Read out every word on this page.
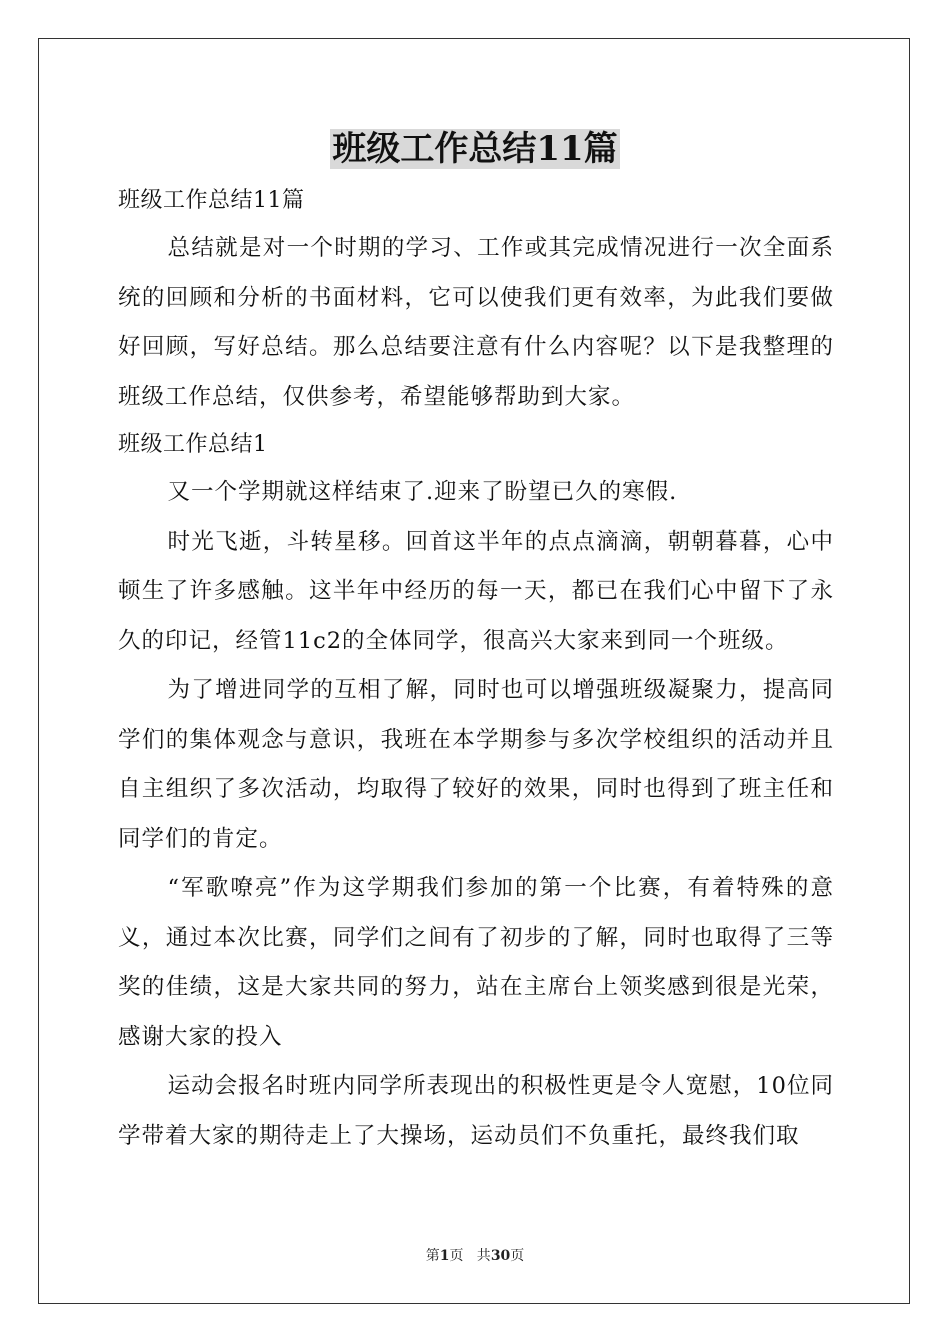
班级工作总结11篇

班级工作总结11篇

总结就是对一个时期的学习、工作或其完成情况进行一次全面系统的回顾和分析的书面材料，它可以使我们更有效率，为此我们要做好回顾，写好总结。那么总结要注意有什么内容呢？以下是我整理的班级工作总结，仅供参考，希望能够帮助到大家。

班级工作总结1

又一个学期就这样结束了.迎来了盼望已久的寒假.

时光飞逝，斗转星移。回首这半年的点点滴滴，朝朝暮暮，心中顿生了许多感触。这半年中经历的每一天，都已在我们心中留下了永久的印记，经管11c2的全体同学，很高兴大家来到同一个班级。

为了增进同学的互相了解，同时也可以增强班级凝聚力，提高同学们的集体观念与意识，我班在本学期参与多次学校组织的活动并且自主组织了多次活动，均取得了较好的效果，同时也得到了班主任和同学们的肯定。

“军歌嘹亮”作为这学期我们参加的第一个比赛，有着特殊的意义，通过本次比赛，同学们之间有了初步的了解，同时也取得了三等奖的佳绩，这是大家共同的努力，站在主席台上领奖感到很是光荣，感谢大家的投入

运动会报名时班内同学所表现出的积极性更是令人宽慰，10位同学带着大家的期待走上了大操场，运动员们不负重托，最终我们取

第1页   共30页
